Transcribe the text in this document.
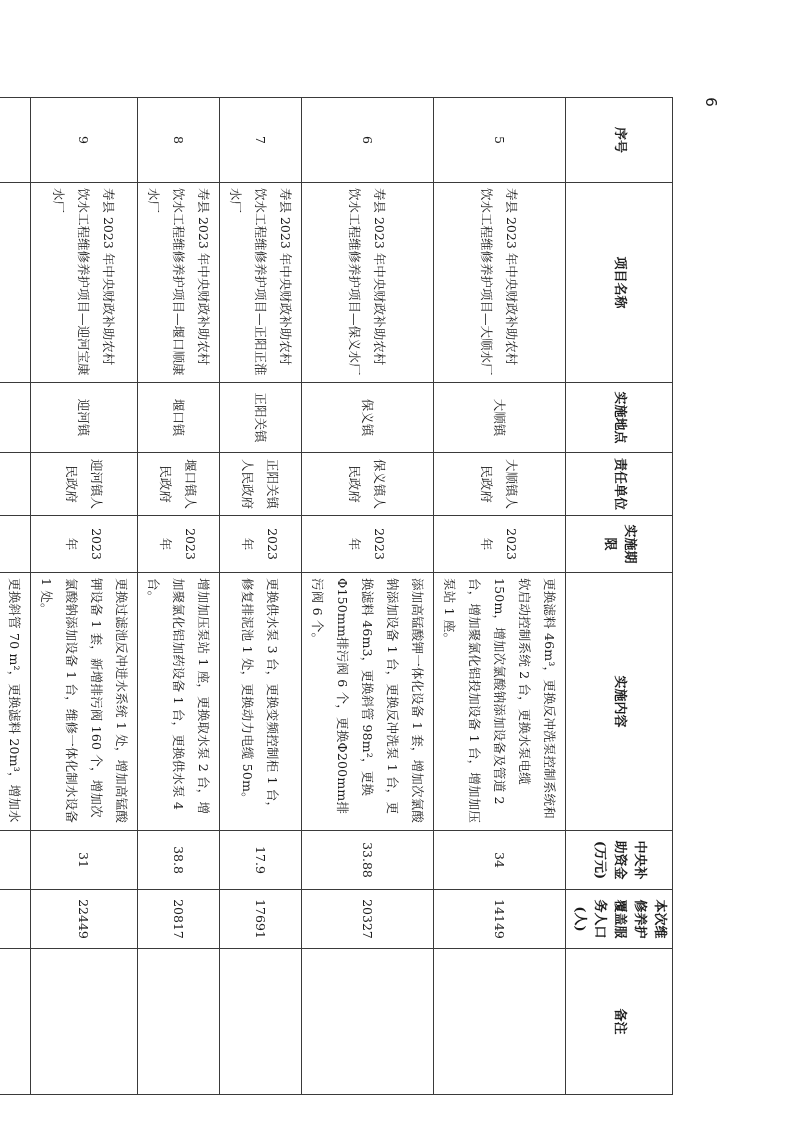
6
序号	项目名称	实施地点	责任单位	实施期限	实施内容	中央补助资金(万元)	本次维修养护覆盖服务人口(人)	备注
5	寿县 2023 年中央财政补助农村饮水工程维修养护项目—大顺水厂	大顺镇	大顺镇人民政府	2023 年	更换滤料 46m³，更换反冲洗泵控制系统和软启动控制系统 2 台，更换水泵电缆 150m，增加次氯酸钠添加设备及管道 2 台，增加聚氯化铝投加设备 1 台，增加加压泵站 1 座。	34	14149	
6	寿县 2023 年中央财政补助农村饮水工程维修养护项目—保义水厂	保义镇	保义镇人民政府	2023 年	添加高锰酸钾一体化设备 1 套，增加次氯酸钠添加设备 1 台，更换反冲洗泵 1 台，更换滤料 46m3，更换斜管 98m²，更换Φ150mm排污阀 6 个，更换Φ200mm排污阀 6 个。	33.88	20327	
7	寿县 2023 年中央财政补助农村饮水工程维修养护项目—正阳正淮水厂	正阳关镇	正阳关镇人民政府	2023 年	更换供水泵 3 台，更换变频控制柜 1 台，修复排泥池 1 处，更换动力电缆 50m。	17.9	17691	
8	寿县 2023 年中央财政补助农村饮水工程维修养护项目—堰口顺康水厂	堰口镇	堰口镇人民政府	2023 年	增加加压泵站 1 座，更换取水泵 2 台，增加聚氯化铝加药设备 1 台，更换供水泵 4 台。	38.8	20817	
9	寿县 2023 年中央财政补助农村饮水工程维修养护项目—迎河宝康水厂	迎河镇	迎河镇人民政府	2023 年	更换过滤池反冲进水系统 1 处，增加高锰酸钾设备 1 套，新增排污阀 160 个，增加次氯酸钠添加设备 1 台，维修一体化制水设备 1 处。	31	22449	
					更换斜管 70 m²，更换滤料 20m³，增加水			
